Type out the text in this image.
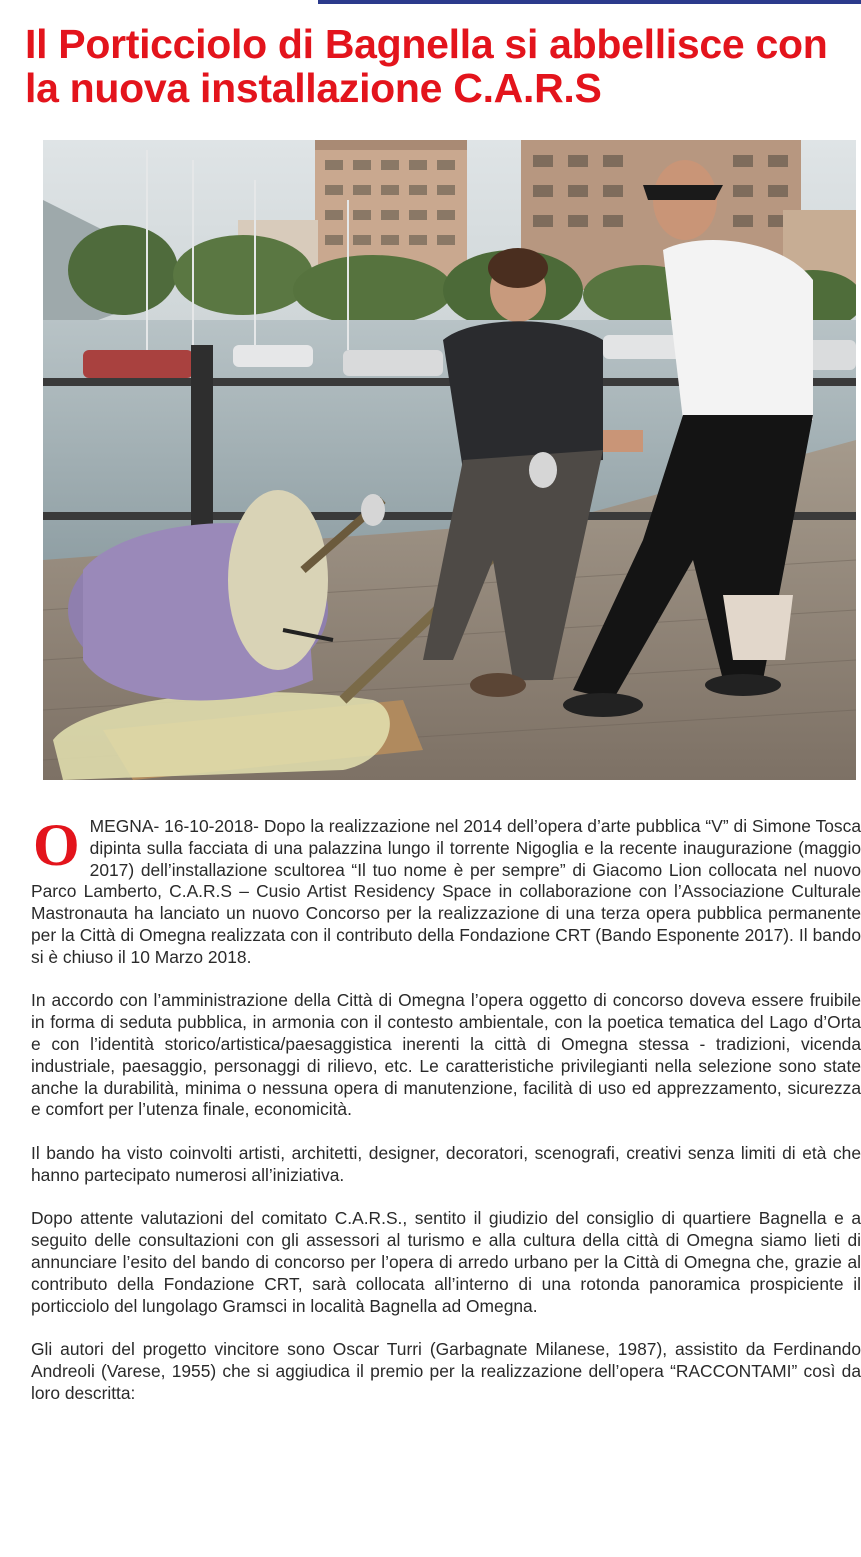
Il Porticciolo di Bagnella si abbellisce con la nuova installazione C.A.R.S

OMEGNA- 16-10-2018- Dopo la realizzazione nel 2014 dell’opera d’arte pubblica “V” di Simone Tosca dipinta sulla facciata di una palazzina lungo il torrente Nigoglia e la recente inaugurazione (maggio 2017) dell’installazione scultorea “Il tuo nome è per sempre” di Giacomo Lion collocata nel nuovo Parco Lamberto, C.A.R.S – Cusio Artist Residency Space in collaborazione con l’Associazione Culturale Mastronauta ha lanciato un nuovo Concorso per la realizzazione di una terza opera pubblica permanente per la Città di Omegna realizzata con il contributo della Fondazione CRT (Bando Esponente 2017). Il bando si è chiuso il 10 Marzo 2018.

In accordo con l’amministrazione della Città di Omegna l’opera oggetto di concorso doveva essere fruibile in forma di seduta pubblica, in armonia con il contesto ambientale, con la poetica tematica del Lago d’Orta e con l’identità storico/artistica/paesaggistica inerenti la città di Omegna stessa - tradizioni, vicenda industriale, paesaggio, personaggi di rilievo, etc. Le caratteristiche privilegianti nella selezione sono state anche la durabilità, minima o nessuna opera di manutenzione, facilità di uso ed apprezzamento, sicurezza e comfort per l’utenza finale, economicità.

Il bando ha visto coinvolti artisti, architetti, designer, decoratori, scenografi, creativi senza limiti di età che hanno partecipato numerosi all’iniziativa.

Dopo attente valutazioni del comitato C.A.R.S., sentito il giudizio del consiglio di quartiere Bagnella e a seguito delle consultazioni con gli assessori al turismo e alla cultura della città di Omegna siamo lieti di annunciare l’esito del bando di concorso per l’opera di arredo urbano per la Città di Omegna che, grazie al contributo della Fondazione CRT, sarà collocata all’interno di una rotonda panoramica prospiciente il porticciolo del lungolago Gramsci in località Bagnella ad Omegna.

Gli autori del progetto vincitore sono Oscar Turri (Garbagnate Milanese, 1987), assistito da Ferdinando Andreoli (Varese, 1955) che si aggiudica il premio per la realizzazione dell’opera “RACCONTAMI” così da loro descritta:
